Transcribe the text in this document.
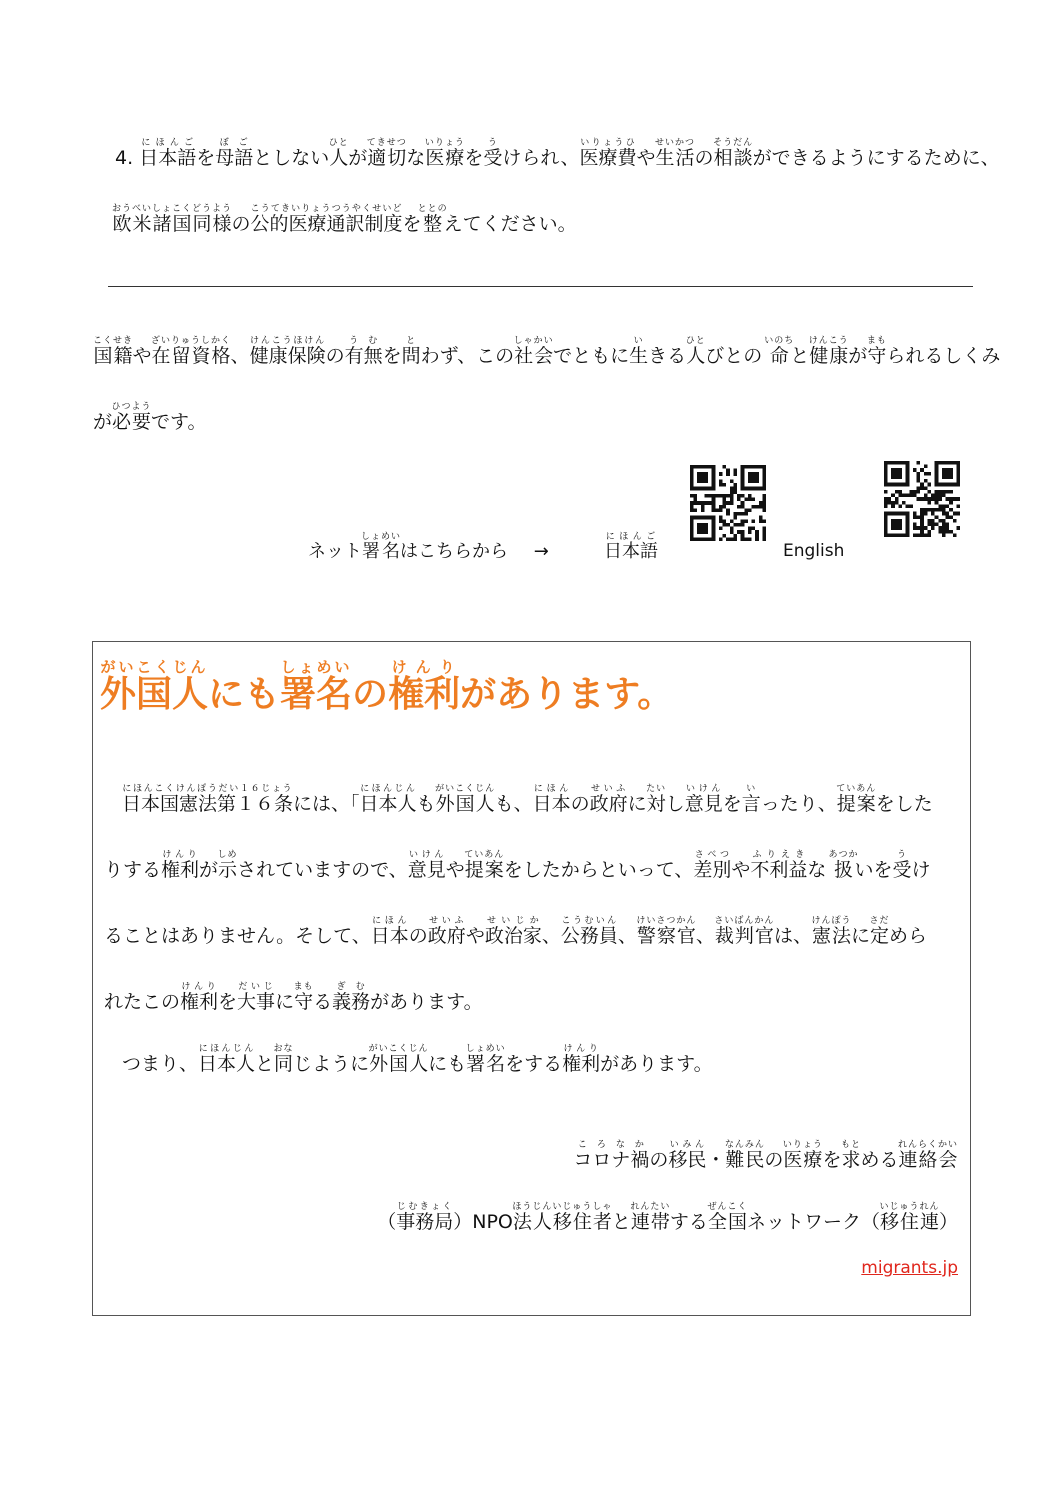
4. 日本語にほんごを母語ぼごとしない人ひとが適切てきせつな医療いりょうを受うけられ、医療費いりょうひや生活せいかつの相談そうだんができるようにするために、
欧米諸国同様おうべいしょこくどうようの公的医療通訳制度こうてきいりょうつうやくせいどを整ととのえてください。
国籍こくせきや在留資格ざいりゅうしかく、健康保険けんこうほけんの有無うむを問とわず、この社会しゃかいでともに生いきる人ひとびとの 命いのちと健康けんこうが守まもられるしくみ
が必要ひつようです。
ネット署名しょめいはこちらから →	日本語にほんご
English
外国人がいこくじんにも署名しょめいの権利けんりがあります。
日本国憲法第１６条にほんこくけんぽうだい１６じょうには、「日本人にほんじんも外国人がいこくじんも、日本にほんの政府せいふに対たいし意見いけんを言いったり、提案ていあんをした
りする権利けんりが示しめされていますので、意見いけんや提案ていあんをしたからといって、差別さべつや不利益ふりえきな 扱あつかいを受うけ
ることはありません。そして、日本にほんの政府せいふや政治家せいじか、公務員こうむいん、警察官けいさつかん、裁判官さいばんかんは、憲法けんぽうに定さだめら
れたこの権利けんりを大事だいじに守まもる義務ぎむがあります。
つまり、日本人にほんじんと同おなじように外国人がいこくじんにも署名しょめいをする権利けんりがあります。
コロナころな禍かの移民いみん・難民なんみんの医療いりょうを求もとめる連絡会れんらくかい
（事務局じむきょく）NPO法人移住者ほうじんいじゅうしゃと連帯れんたいする全国ぜんこくネットワーク（移住連いじゅうれん）
migrants.jp
